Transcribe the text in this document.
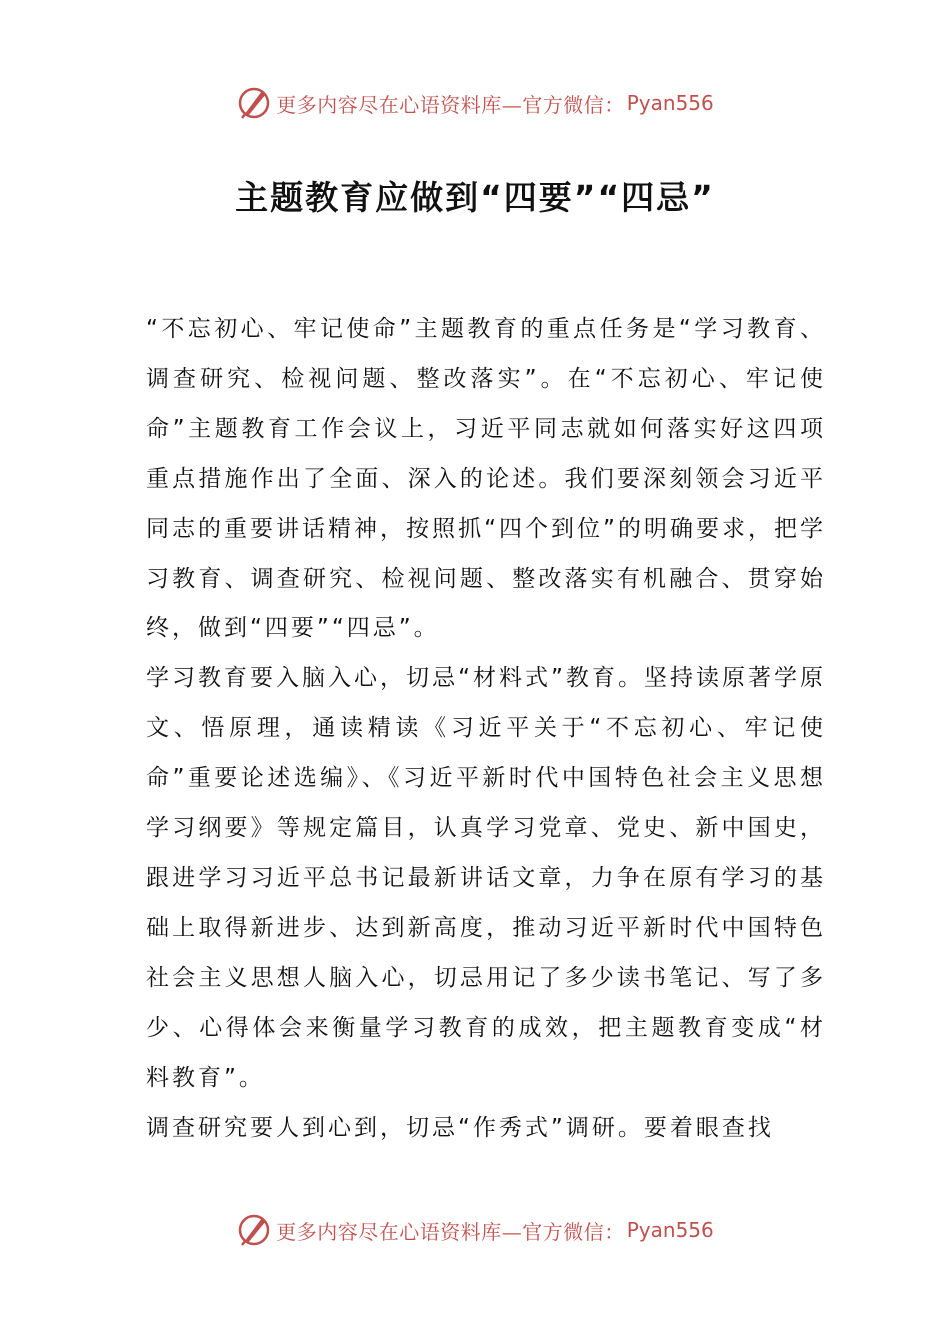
更多内容尽在心语资料库—官方微信： Pyan556
主题教育应做到“四要”“四忌”

“不忘初心、牢记使命”主题教育的重点任务是“学习教育、调查研究、检视问题、整改落实”。在“不忘初心、牢记使命”主题教育工作会议上，习近平同志就如何落实好这四项重点措施作出了全面、深入的论述。我们要深刻领会习近平同志的重要讲话精神，按照抓“四个到位”的明确要求，把学习教育、调查研究、检视问题、整改落实有机融合、贯穿始终，做到“四要”“四忌”。

学习教育要入脑入心，切忌“材料式”教育。坚持读原著学原文、悟原理，通读精读《习近平关于“不忘初心、牢记使命”重要论述选编》、《习近平新时代中国特色社会主义思想学习纲要》等规定篇目，认真学习党章、党史、新中国史，跟进学习习近平总书记最新讲话文章，力争在原有学习的基础上取得新进步、达到新高度，推动习近平新时代中国特色社会主义思想人脑入心，切忌用记了多少读书笔记、写了多少、心得体会来衡量学习教育的成效，把主题教育变成“材料教育”。

调查研究要人到心到，切忌“作秀式”调研。要着眼查找

更多内容尽在心语资料库—官方微信： Pyan556
